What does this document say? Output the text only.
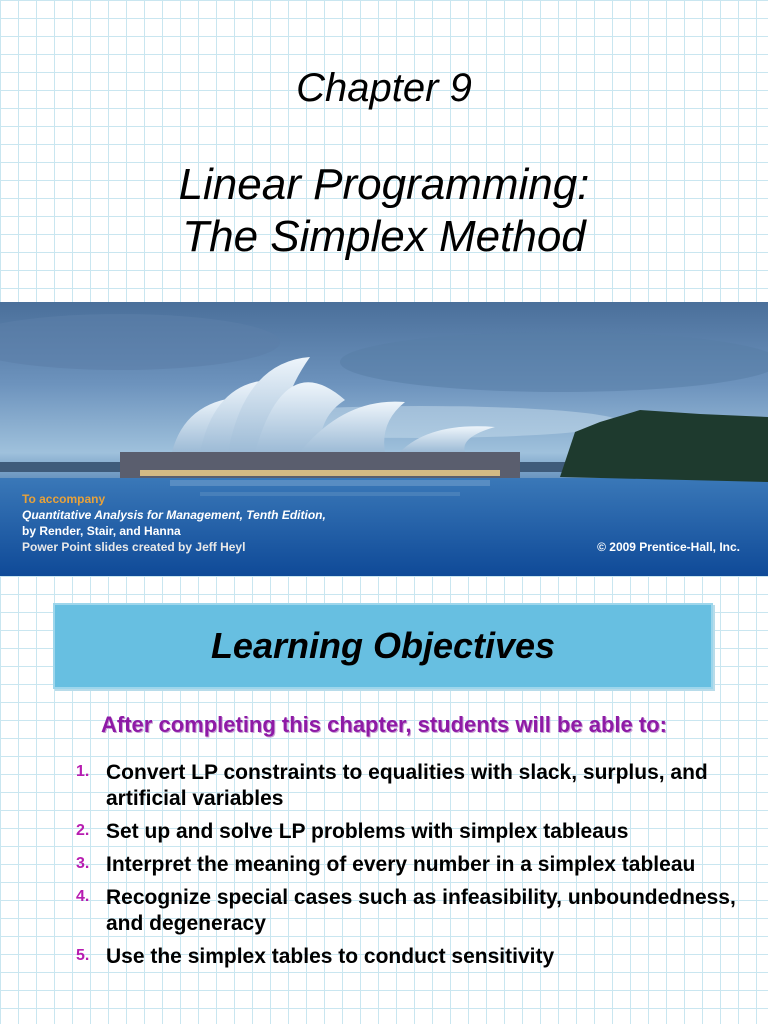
Chapter 9
Linear Programming:
The Simplex Method
To accompany
Quantitative Analysis for Management, Tenth Edition,
by Render, Stair, and Hanna
Power Point slides created by Jeff Heyl	© 2009 Prentice-Hall, Inc.
Learning Objectives
After completing this chapter, students will be able to:
1. Convert LP constraints to equalities with slack, surplus, and artificial variables
2. Set up and solve LP problems with simplex tableaus
3. Interpret the meaning of every number in a simplex tableau
4. Recognize special cases such as infeasibility, unboundedness, and degeneracy
5. Use the simplex tables to conduct sensitivity
